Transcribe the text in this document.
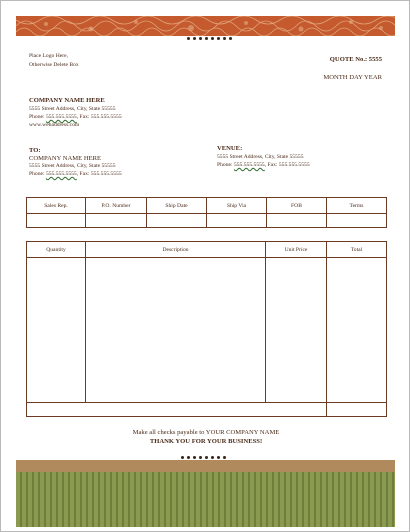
Place Logo Here,
Otherwise Delete Box
QUOTE No.: 5555
MONTH DAY YEAR
COMPANY NAME HERE
5555 Street Address, City, State 55555
Phone: 555.555.5555, Fax: 555.555.5555
www.webaddress.com
TO:
COMPANY NAME HERE
5555 Street Address, City, State 55555
Phone: 555.555.5555, Fax: 555.555.5555
VENUE:
5555 Street Address, City, State 55555
Phone: 555.555.5555, Fax: 555.555.5555
Sales Rep.	P.O. Number	Ship Date	Ship Via	FOB	Terms

Quantity	Description	Unit Price	Total

Make all checks payable to YOUR COMPANY NAME
THANK YOU FOR YOUR BUSINESS!
